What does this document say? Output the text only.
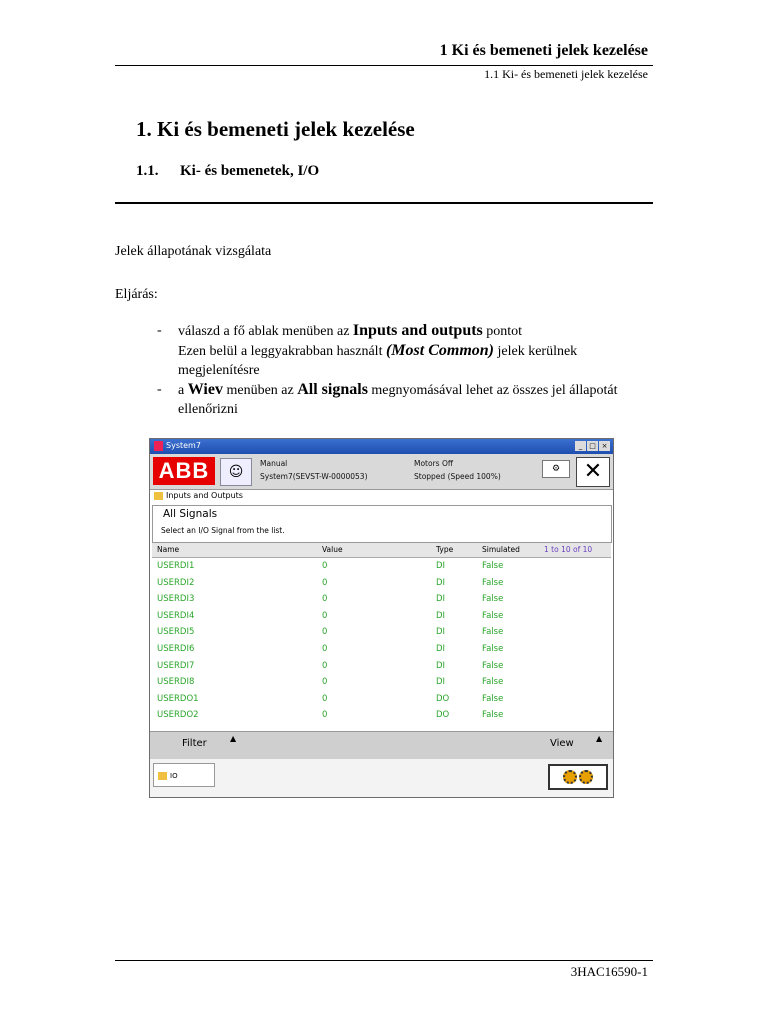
1 Ki és bemeneti jelek kezelése
1.1 Ki- és bemeneti jelek kezelése
1. Ki és bemeneti jelek kezelése
1.1. Ki- és bemenetek, I/O
Jelek állapotának vizsgálata
Eljárás:
-	válaszd a fő ablak menüben az Inputs and outputs pontot
Ezen belül a leggyakrabban használt (Most Common) jelek kerülnek megjelenítésre
-	a Wiev menüben az All signals megnyomásával lehet az összes jel állapotát ellenőrizni
System7	_ □ ×
ABB	☺
Manual
System7(SEVST-W-0000053)
Motors Off
Stopped (Speed 100%)
⚙	✕
Inputs and Outputs
All Signals
Select an I/O Signal from the list.
Name	Value	Type	Simulated	1 to 10 of 10
USERDI1	0	DI	False
USERDI2	0	DI	False
USERDI3	0	DI	False
USERDI4	0	DI	False
USERDI5	0	DI	False
USERDI6	0	DI	False
USERDI7	0	DI	False
USERDI8	0	DI	False
USERDO1	0	DO	False
USERDO2	0	DO	False
Filter	▲	View	▲
IO
3HAC16590-1
